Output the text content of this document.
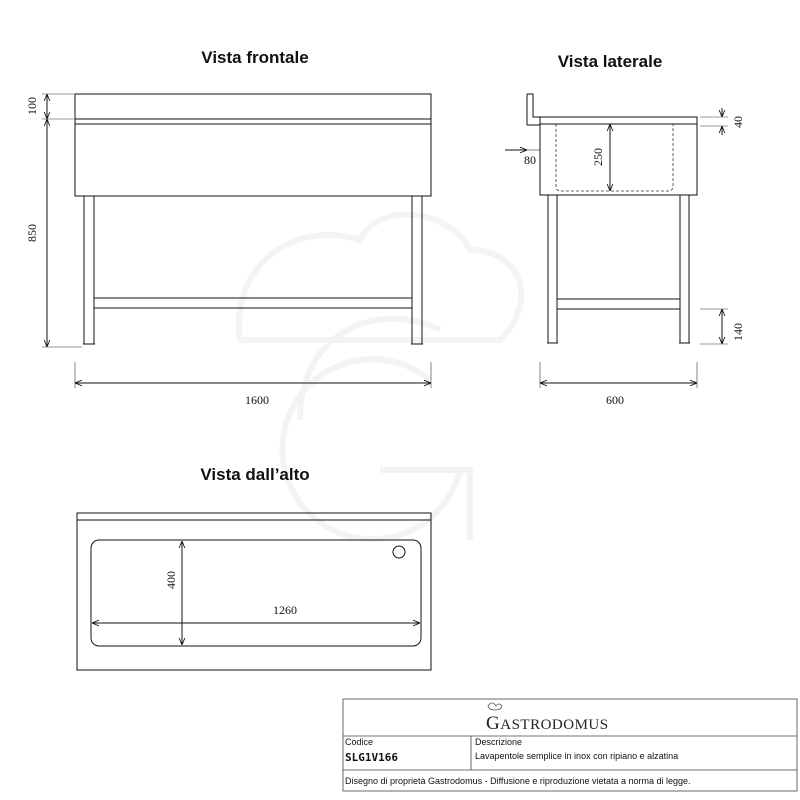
Vista frontale
100
850
1600
Vista laterale
40
250
80
140
600
Vista dall’alto
400
1260
GASTRODOMUS
Codice
SLG1V166
Descrizione
Lavapentole semplice in inox con ripiano e alzatina
Disegno di proprietà Gastrodomus - Diffusione e riproduzione vietata a norma di legge.
